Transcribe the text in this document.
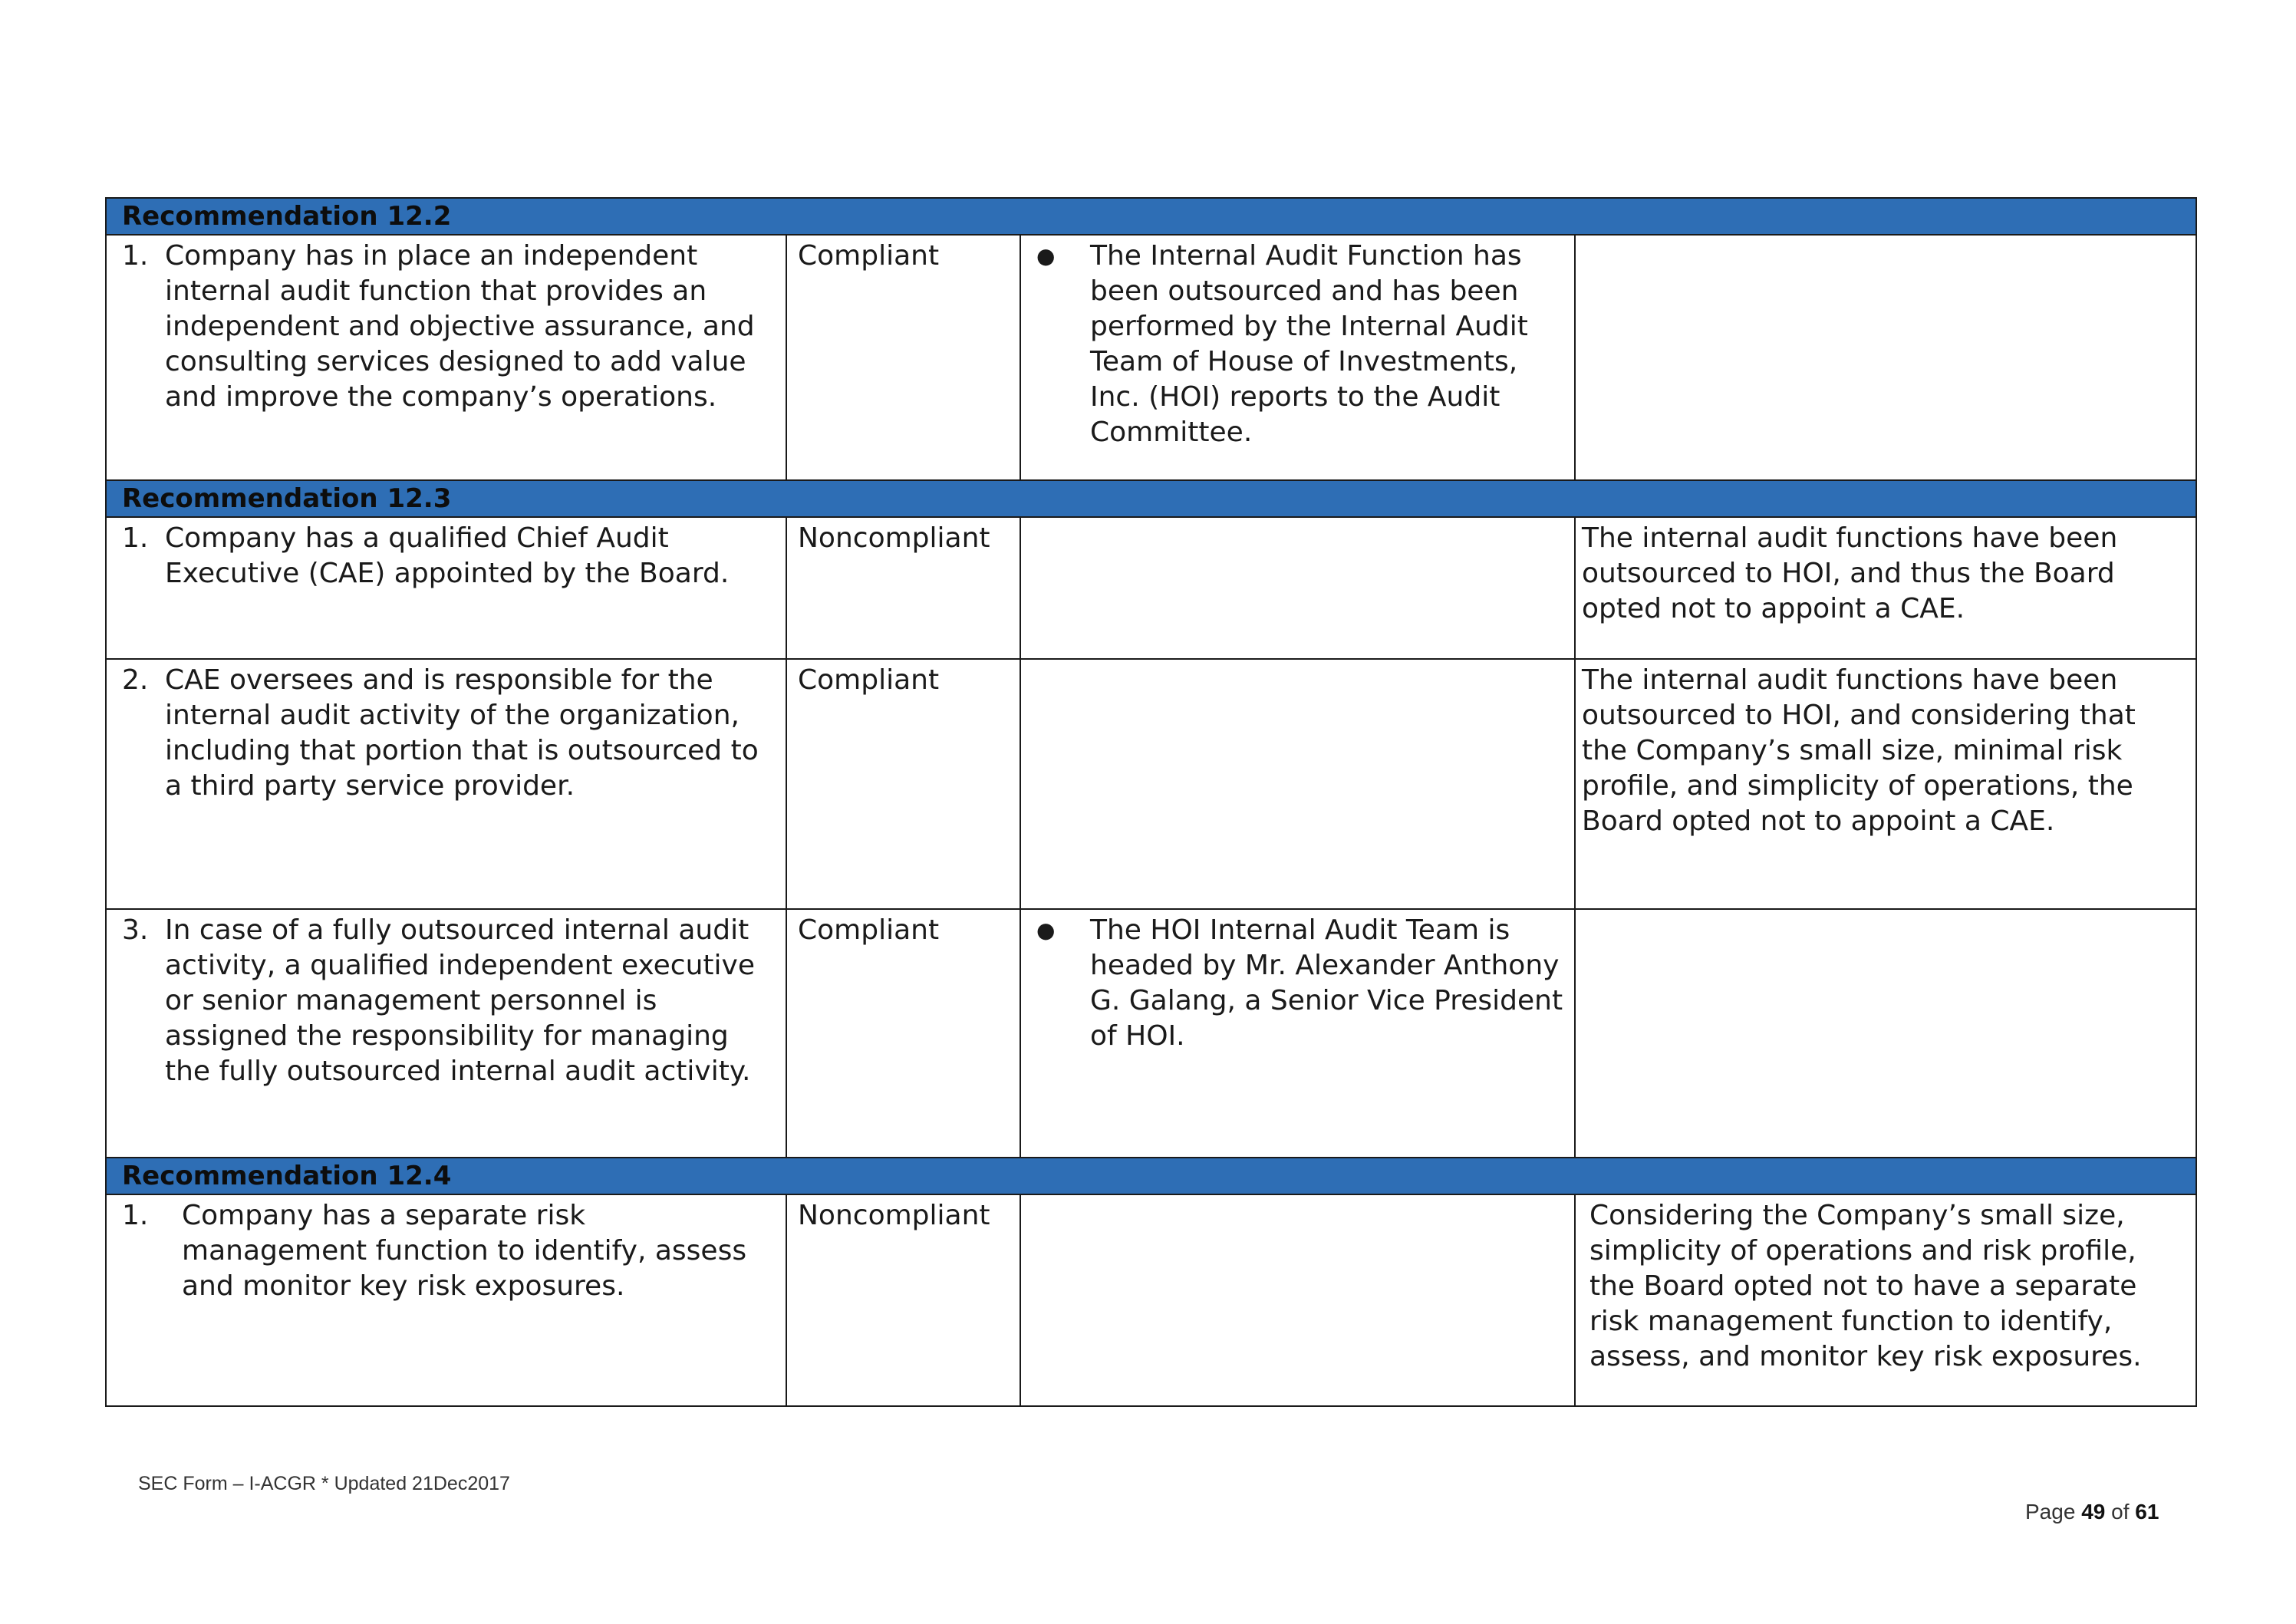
Recommendation 12.2			

1. Company has in place an independent internal audit function that provides an independent and objective assurance, and consulting services designed to add value and improve the company’s operations.	Compliant	● The Internal Audit Function has been outsourced and has been performed by the Internal Audit Team of House of Investments, Inc. (HOI) reports to the Audit Committee.	

Recommendation 12.3			

1. Company has a qualified Chief Audit Executive (CAE) appointed by the Board.	Noncompliant		The internal audit functions have been outsourced to HOI, and thus the Board opted not to appoint a CAE.

2. CAE oversees and is responsible for the internal audit activity of the organization, including that portion that is outsourced to a third party service provider.	Compliant		The internal audit functions have been outsourced to HOI, and considering that the Company’s small size, minimal risk profile, and simplicity of operations, the Board opted not to appoint a CAE.

3. In case of a fully outsourced internal audit activity, a qualified independent executive or senior management personnel is assigned the responsibility for managing the fully outsourced internal audit activity.	Compliant	● The HOI Internal Audit Team is headed by Mr. Alexander Anthony G. Galang, a Senior Vice President of HOI.	

Recommendation 12.4			

1. Company has a separate risk management function to identify, assess and monitor key risk exposures.	Noncompliant		Considering the Company’s small size, simplicity of operations and risk profile, the Board opted not to have a separate risk management function to identify, assess, and monitor key risk exposures.
SEC Form – I-ACGR * Updated 21Dec2017
Page 49 of 61
